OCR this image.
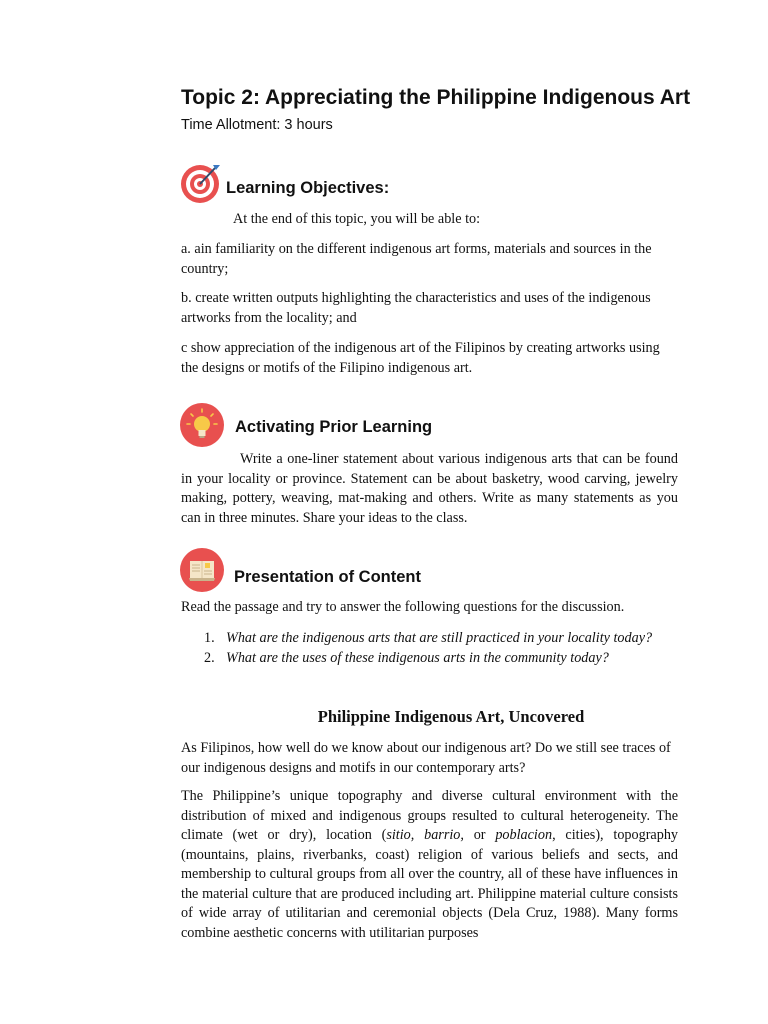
Topic 2: Appreciating the Philippine Indigenous Art
Time Allotment: 3 hours
Learning Objectives:
At the end of this topic, you will be able to:
a. ain familiarity on the different indigenous art forms, materials and sources in the country;
b. create written outputs highlighting the characteristics and uses of the indigenous artworks from the locality; and
c show appreciation of the indigenous art of the Filipinos by creating artworks using the designs or motifs of the Filipino indigenous art.
Activating Prior Learning
Write a one-liner statement about various indigenous arts that can be found in your locality or province. Statement can be about basketry, wood carving, jewelry making, pottery, weaving, mat-making and others. Write as many statements as you can in three minutes. Share your ideas to the class.
Presentation of Content
Read the passage and try to answer the following questions for the discussion.
1. What are the indigenous arts that are still practiced in your locality today?
2. What are the uses of these indigenous arts in the community today?
Philippine Indigenous Art, Uncovered
As Filipinos, how well do we know about our indigenous art? Do we still see traces of our indigenous designs and motifs in our contemporary arts?
The Philippine’s unique topography and diverse cultural environment with the distribution of mixed and indigenous groups resulted to cultural heterogeneity. The climate (wet or dry), location (sitio, barrio, or poblacion, cities), topography (mountains, plains, riverbanks, coast) religion of various beliefs and sects, and membership to cultural groups from all over the country, all of these have influences in the material culture that are produced including art. Philippine material culture consists of wide array of utilitarian and ceremonial objects (Dela Cruz, 1988). Many forms combine aesthetic concerns with utilitarian purposes
